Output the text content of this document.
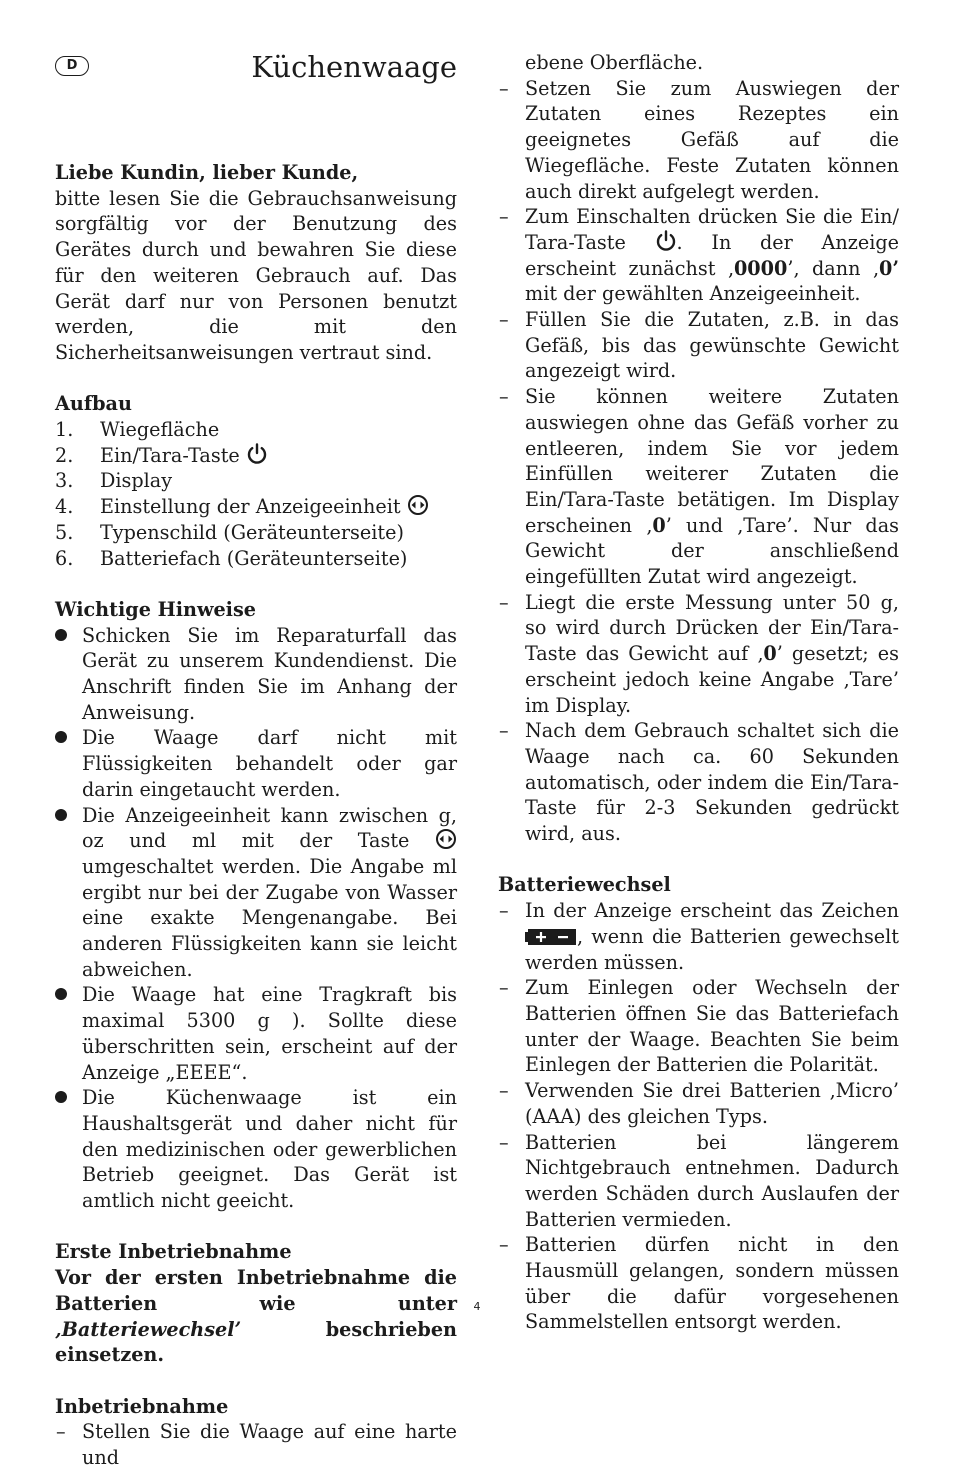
D	Küchenwaage

Liebe Kundin, lieber Kunde,

bitte lesen Sie die Gebrauchsanweisung sorgfältig vor der Benutzung des Gerätes durch und bewahren Sie diese für den weiteren Gebrauch auf. Das Gerät darf nur von Personen benutzt werden, die mit den Sicherheitsanweisungen vertraut sind.

Aufbau

1. Wiegefläche
2. Ein/Tara-Taste
3. Display
4. Einstellung der Anzeigeeinheit
5. Typenschild (Geräteunterseite)
6. Batteriefach (Geräteunterseite)

Wichtige Hinweise

Schicken Sie im Reparaturfall das Gerät zu unserem Kundendienst. Die Anschrift finden Sie im Anhang der Anweisung.
Die Waage darf nicht mit Flüssigkeiten behandelt oder gar darin eingetaucht werden.
Die Anzeigeeinheit kann zwischen g, oz und ml mit der Taste  umgeschaltet werden. Die Angabe ml ergibt nur bei der Zugabe von Wasser eine exakte Mengenangabe. Bei anderen Flüssigkeiten kann sie leicht abweichen.
Die Waage hat eine Tragkraft bis maximal 5300 g ). Sollte diese überschritten sein, erscheint auf der Anzeige „EEEE“.
Die Küchenwaage ist ein Haushaltsgerät und daher nicht für den medizinischen oder gewerblichen Betrieb geeignet. Das Gerät ist amtlich nicht geeicht.

Erste Inbetriebnahme

Vor der ersten Inbetriebnahme die Batterien wie unter ‚Batteriewechsel’ beschrieben einsetzen.

Inbetriebnahme

– Stellen Sie die Waage auf eine harte und
ebene Oberfläche.
– Setzen Sie zum Auswiegen der Zutaten eines Rezeptes ein geeignetes Gefäß auf die Wiegefläche. Feste Zutaten können auch direkt aufgelegt werden.
– Zum Einschalten drücken Sie die Ein/ Tara-Taste	. In der Anzeige erscheint zunächst ‚0000’, dann ‚0’ mit der gewählten Anzeigeeinheit.
– Füllen Sie die Zutaten, z.B. in das Gefäß, bis das gewünschte Gewicht angezeigt wird.
– Sie können weitere Zutaten auswiegen ohne das Gefäß vorher zu entleeren, indem Sie vor jedem Einfüllen weiterer Zutaten die Ein/Tara-Taste betätigen. Im Display erscheinen ‚0’ und ‚Tare’. Nur das Gewicht der anschließend eingefüllten Zutat wird angezeigt.
– Liegt die erste Messung unter 50 g, so wird durch Drücken der Ein/Tara-Taste das Gewicht auf ‚0’ gesetzt; es erscheint jedoch keine Angabe ‚Tare’ im Display.
– Nach dem Gebrauch schaltet sich die Waage nach ca. 60 Sekunden automatisch, oder indem die Ein/Tara-Taste für 2-3 Sekunden gedrückt wird, aus.

Batteriewechsel

– In der Anzeige erscheint das Zeichen , wenn die Batterien gewechselt werden müssen.
– Zum Einlegen oder Wechseln der Batterien öffnen Sie das Batteriefach unter der Waage. Beachten Sie beim Einlegen der Batterien die Polarität.
– Verwenden Sie drei Batterien ‚Micro’ (AAA) des gleichen Typs.
– Batterien bei längerem Nichtgebrauch entnehmen. Dadurch werden Schäden durch Auslaufen der Batterien vermieden.
– Batterien dürfen nicht in den Hausmüll gelangen, sondern müssen über die dafür vorgesehenen Sammelstellen entsorgt werden.
4
